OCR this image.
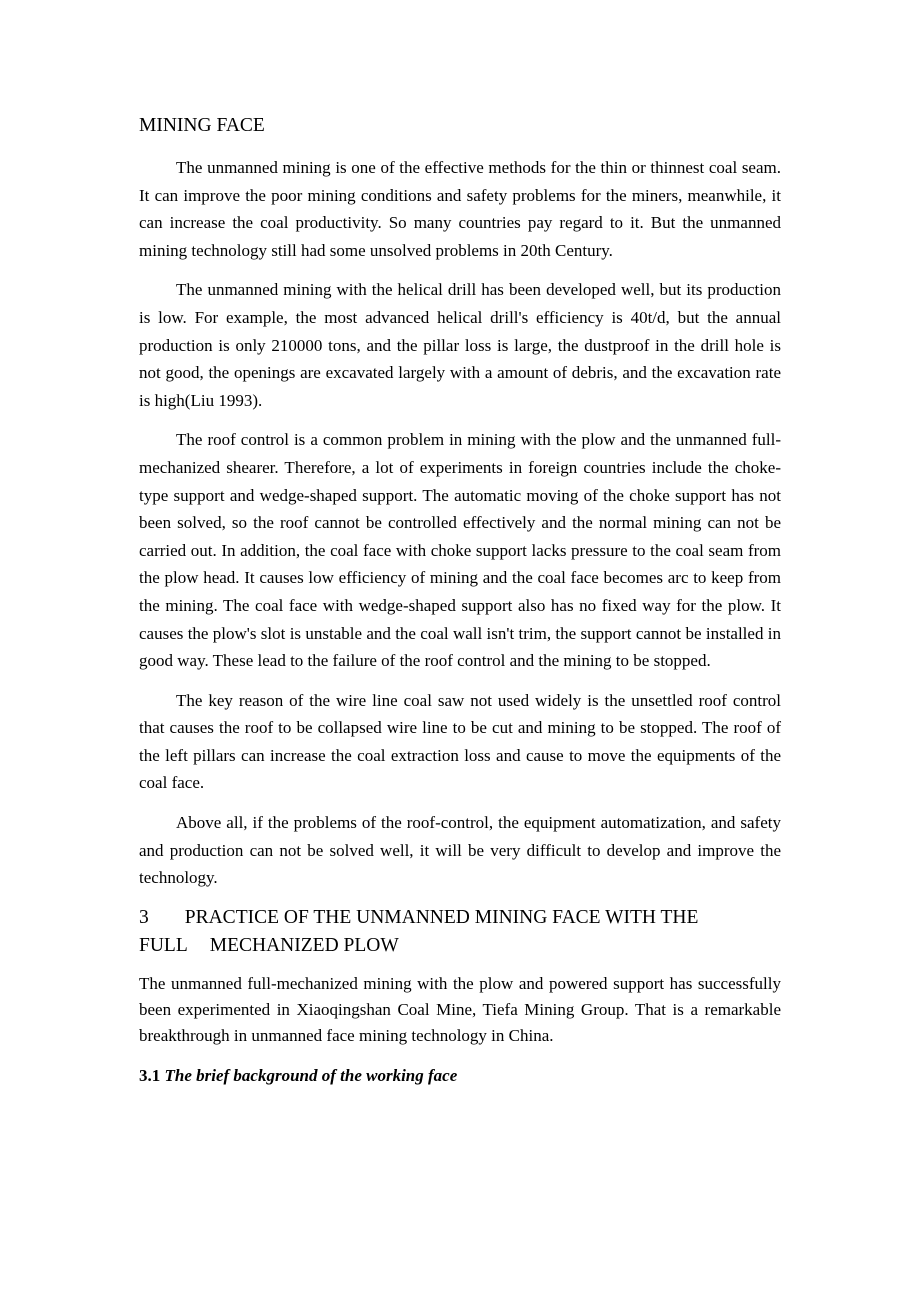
MINING FACE

The unmanned mining is one of the effective methods for the thin or thinnest coal seam. It can improve the poor mining conditions and safety problems for the miners, meanwhile, it can increase the coal productivity. So many countries pay regard to it. But the unmanned mining technology still had some unsolved problems in 20th Century.

The unmanned mining with the helical drill has been developed well, but its production is low. For example, the most advanced helical drill's efficiency is 40t/d, but the annual production is only 210000 tons, and the pillar loss is large, the dustproof in the drill hole is not good, the openings are excavated largely with a amount of debris, and the excavation rate is high(Liu 1993).

The roof control is a common problem in mining with the plow and the unmanned full-mechanized shearer. Therefore, a lot of experiments in foreign countries include the choke-type support and wedge-shaped support. The automatic moving of the choke support has not been solved, so the roof cannot be controlled effectively and the normal mining can not be carried out. In addition, the coal face with choke support lacks pressure to the coal seam from the plow head. It causes low efficiency of mining and the coal face becomes arc to keep from the mining. The coal face with wedge-shaped support also has no fixed way for the plow. It causes the plow's slot is unstable and the coal wall isn't trim, the support cannot be installed in good way. These lead to the failure of the roof control and the mining to be stopped.

The key reason of the wire line coal saw not used widely is the unsettled roof control that causes the roof to be collapsed wire line to be cut and mining to be stopped. The roof of the left pillars can increase the coal extraction loss and cause to move the equipments of the coal face.

Above all, if the problems of the roof-control, the equipment automatization, and safety and production can not be solved well, it will be very difficult to develop and improve the technology.

3 PRACTICE OF THE UNMANNED MINING FACE WITH THE
FULL MECHANIZED PLOW

The unmanned full-mechanized mining with the plow and powered support has successfully been experimented in Xiaoqingshan Coal Mine, Tiefa Mining Group. That is a remarkable breakthrough in unmanned face mining technology in China.

3.1 The brief background of the working face
